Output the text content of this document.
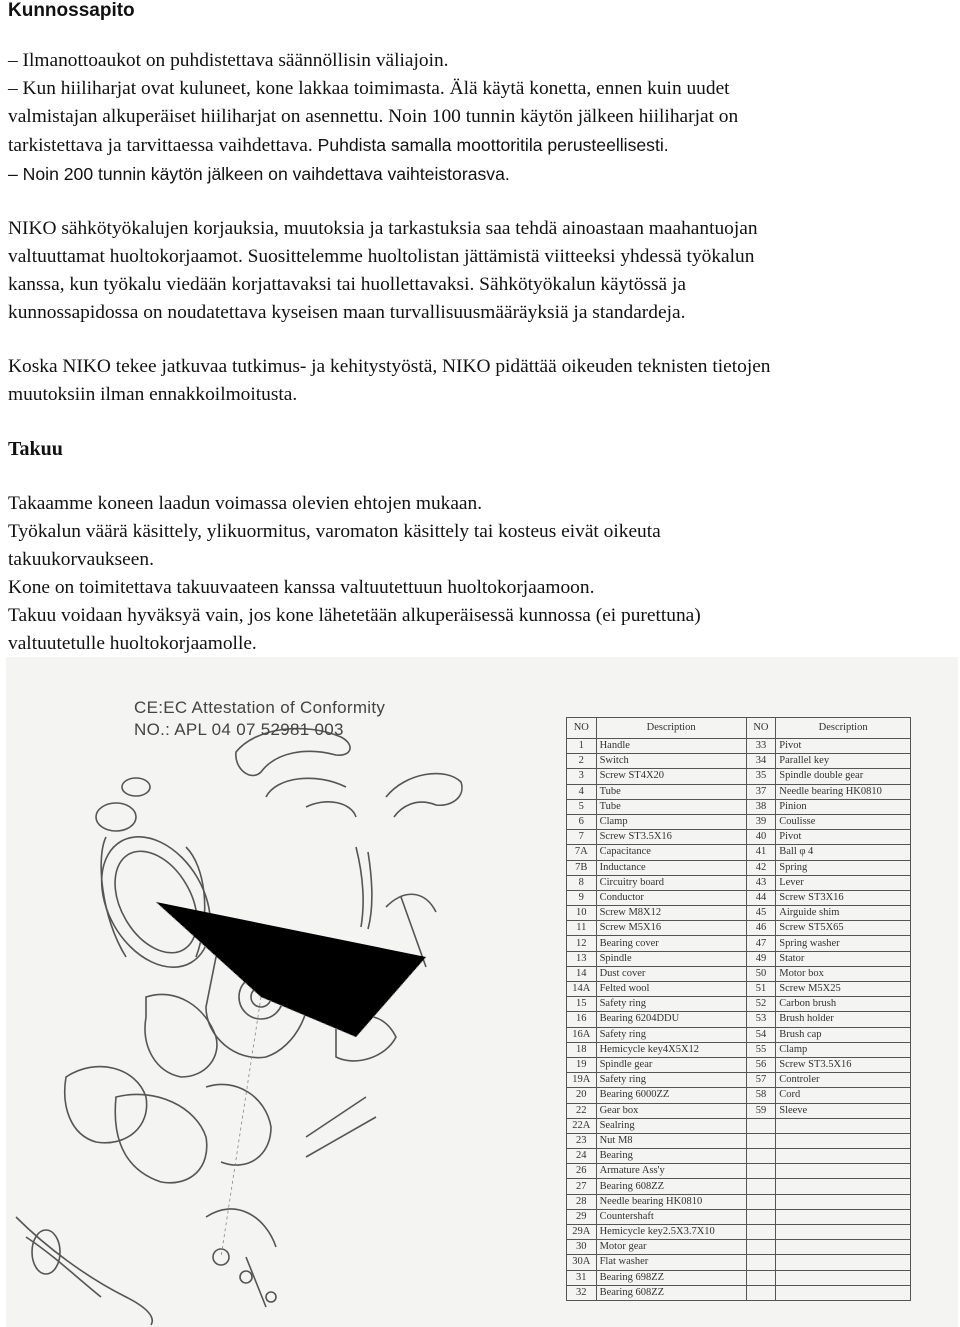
Kunnossapito

– Ilmanottoaukot on puhdistettava säännöllisin väliajoin.

– Kun hiiliharjat ovat kuluneet, kone lakkaa toimimasta. Älä käytä konetta, ennen kuin uudet

valmistajan alkuperäiset hiiliharjat on asennettu. Noin 100 tunnin käytön jälkeen hiiliharjat on

tarkistettava ja tarvittaessa vaihdettava. Puhdista samalla moottoritila perusteellisesti.

– Noin 200 tunnin käytön jälkeen on vaihdettava vaihteistorasva.

NIKO sähkötyökalujen korjauksia, muutoksia ja tarkastuksia saa tehdä ainoastaan maahantuojan

valtuuttamat huoltokorjaamot. Suosittelemme huoltolistan jättämistä viitteeksi yhdessä työkalun

kanssa, kun työkalu viedään korjattavaksi tai huollettavaksi. Sähkötyökalun käytössä ja

kunnossapidossa on noudatettava kyseisen maan turvallisuusmääräyksiä ja standardeja.

Koska NIKO tekee jatkuvaa tutkimus- ja kehitystyöstä, NIKO pidättää oikeuden teknisten tietojen

muutoksiin ilman ennakkoilmoitusta.

Takuu

Takaamme koneen laadun voimassa olevien ehtojen mukaan.

Työkalun väärä käsittely, ylikuormitus, varomaton käsittely tai kosteus eivät oikeuta

takuukorvaukseen.

Kone on toimitettava takuuvaateen kanssa valtuutettuun huoltokorjaamoon.

Takuu voidaan hyväksyä vain, jos kone lähetetään alkuperäisessä kunnossa (ei purettuna)

valtuutetulle huoltokorjaamolle.

CE:EC Attestation of Conformity
NO.: APL 04 07 52981 003	NO	Description	NO	Description
1	Handle	33	Pivot
2	Switch	34	Parallel key
3	Screw ST4X20	35	Spindle double gear
4	Tube	37	Needle bearing HK0810
5	Tube	38	Pinion
6	Clamp	39	Coulisse
7	Screw ST3.5X16	40	Pivot
7A	Capacitance	41	Ball φ 4
7B	Inductance	42	Spring
8	Circuitry board	43	Lever
9	Conductor	44	Screw ST3X16
10	Screw M8X12	45	Airguide shim
11	Screw M5X16	46	Screw ST5X65
12	Bearing cover	47	Spring washer
13	Spindle	49	Stator
14	Dust cover	50	Motor box
14A	Felted wool	51	Screw M5X25
15	Safety ring	52	Carbon brush
16	Bearing 6204DDU	53	Brush holder
16A	Safety ring	54	Brush cap
18	Hemicycle key4X5X12	55	Clamp
19	Spindle gear	56	Screw ST3.5X16
19A	Safety ring	57	Controler
20	Bearing 6000ZZ	58	Cord
22	Gear box	59	Sleeve
22A	Sealring		
23	Nut M8		
24	Bearing		
26	Armature Ass'y		
27	Bearing 608ZZ		
28	Needle bearing HK0810		
29	Countershaft		
29A	Hemicycle key2.5X3.7X10		
30	Motor gear		
30A	Flat washer		
31	Bearing 698ZZ		
32	Bearing 608ZZ		
